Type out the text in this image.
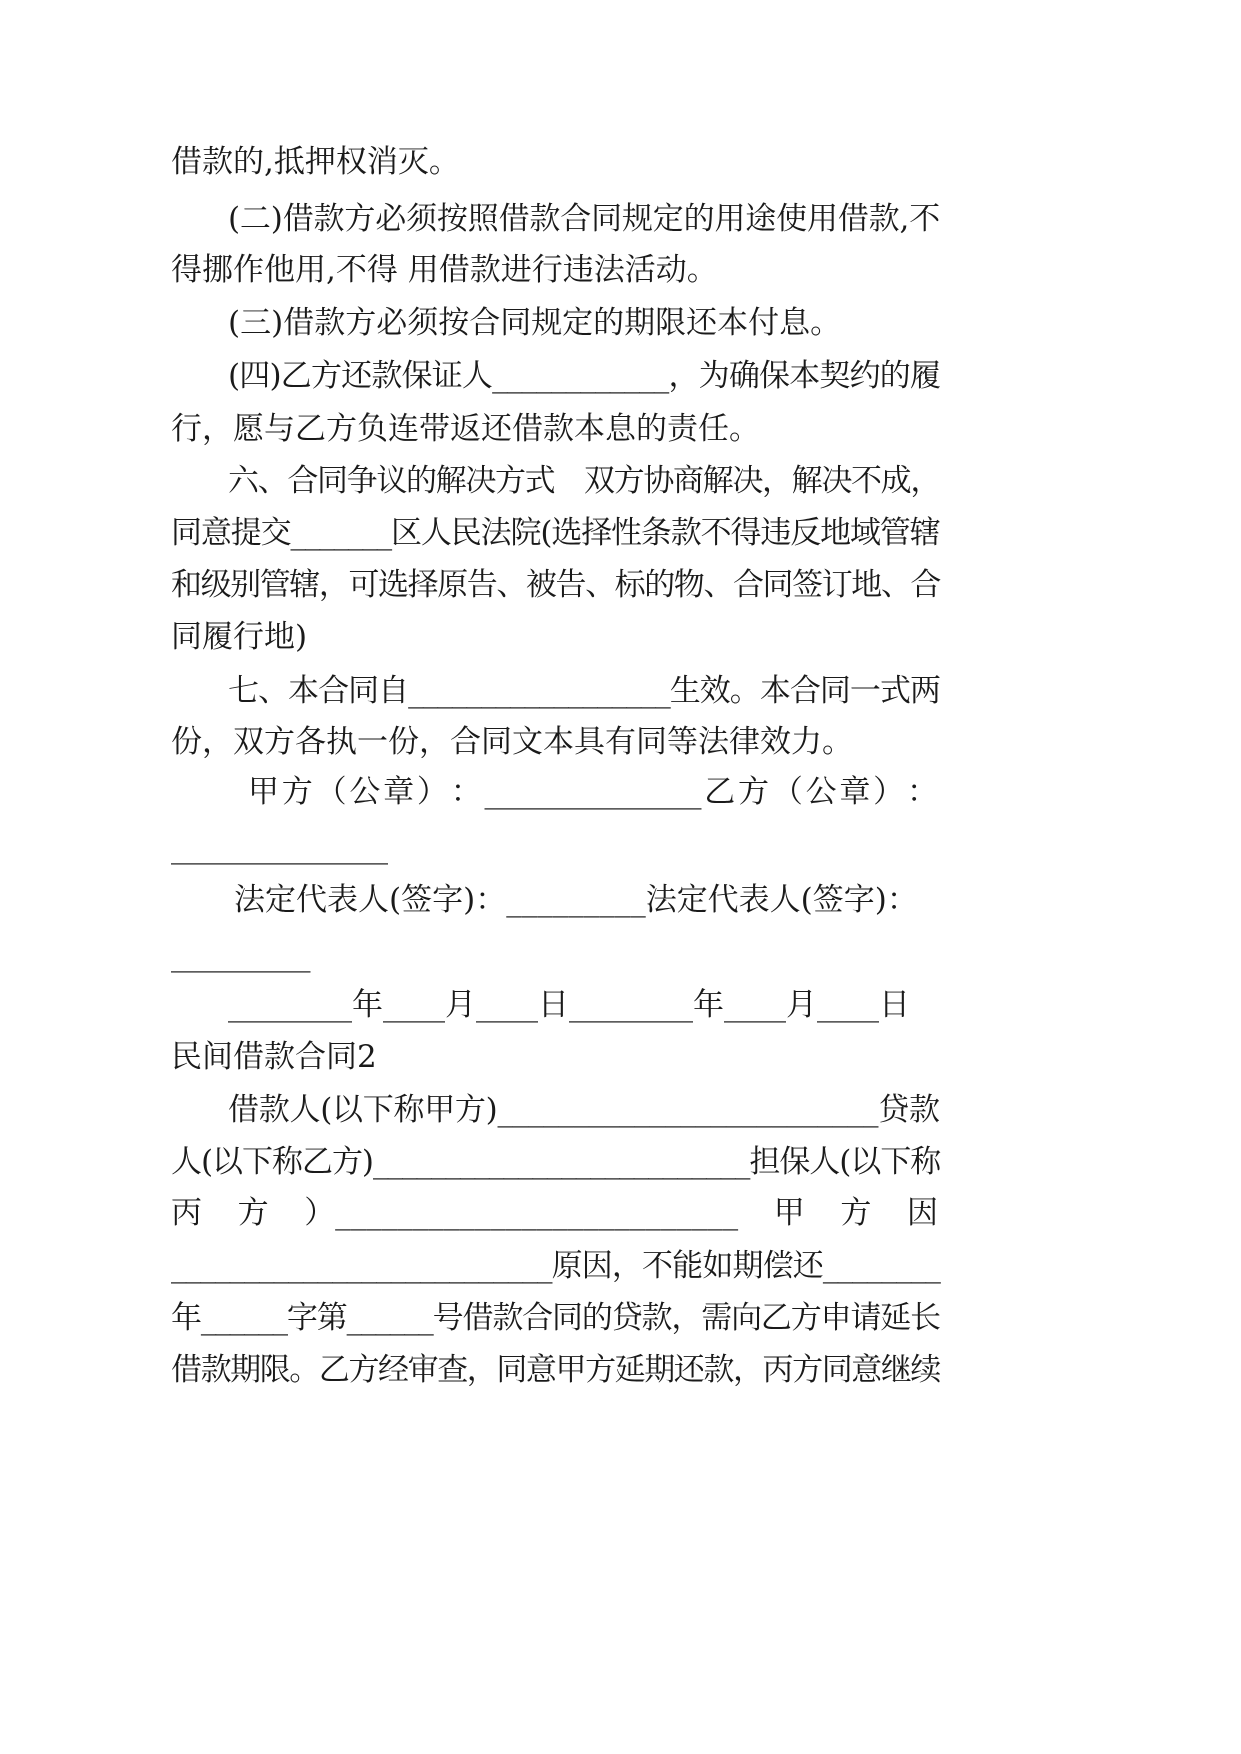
借款的,抵押权消灭。

(二)借款方必须按照借款合同规定的用途使用借款,不

得挪作他用,不得 用借款进行违法活动。

(三)借款方必须按合同规定的期限还本付息。

(四)乙方还款保证人____________，为确保本契约的履

行，愿与乙方负连带返还借款本息的责任。

六、合同争议的解决方式　双方协商解决，解决不成，

同意提交_______区人民法院(选择性条款不得违反地域管辖

和级别管辖，可选择原告、被告、标的物、合同签订地、合

同履行地)

七、本合同自__________________生效。本合同一式两

份，双方各执一份，合同文本具有同等法律效力。

甲 方 （ 公 章 ） ： ______________ 乙 方 （ 公 章 ） ：

______________

法定代表人(签字)：_________法定代表人(签字)：

_________

________年____月____日________年____月____日

民间借款合同2

借款人(以下称甲方)_________________________贷款

人(以下称乙方)__________________________担保人(以下称

丙 方 ）__________________________ 甲 方 因

__________________________原因，不能如期偿还________

年______字第______号借款合同的贷款，需向乙方申请延长

借款期限。乙方经审查，同意甲方延期还款，丙方同意继续
